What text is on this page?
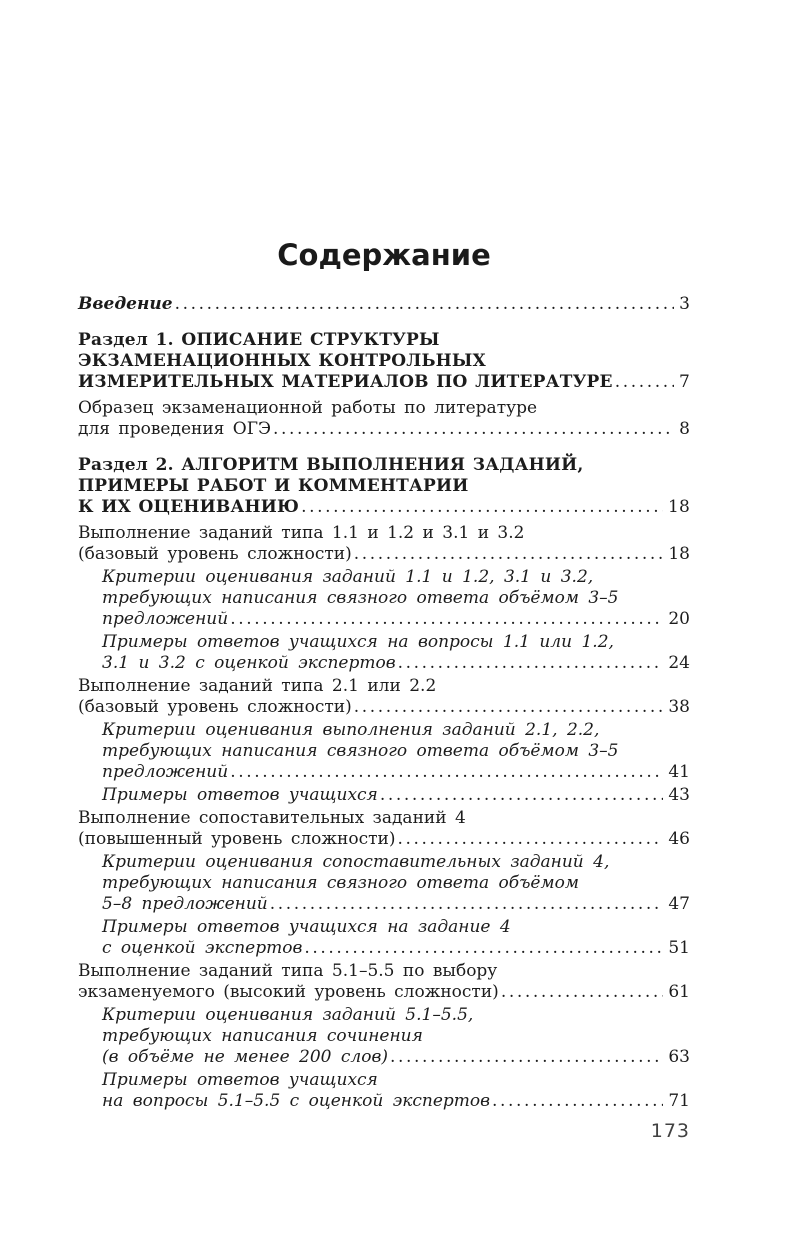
Содержание
Введение .....	3
Раздел 1. ОПИСАНИЕ СТРУКТУРЫ
ЭКЗАМЕНАЦИОННЫХ КОНТРОЛЬНЫХ
ИЗМЕРИТЕЛЬНЫХ МАТЕРИАЛОВ ПО ЛИТЕРАТУРЕ .....	7
Образец экзаменационной работы по литературе
для проведения ОГЭ .....	8
Раздел 2. АЛГОРИТМ ВЫПОЛНЕНИЯ ЗАДАНИЙ,
ПРИМЕРЫ РАБОТ И КОММЕНТАРИИ
К ИХ ОЦЕНИВАНИЮ .....	18
Выполнение заданий типа 1.1 и 1.2 и 3.1 и 3.2
(базовый уровень сложности) .....	18
Критерии оценивания заданий 1.1 и 1.2, 3.1 и 3.2,
требующих написания связного ответа объёмом 3–5
предложений .....	20
Примеры ответов учащихся на вопросы 1.1 или 1.2,
3.1 и 3.2 с оценкой экспертов .....	24
Выполнение заданий типа 2.1 или 2.2
(базовый уровень сложности) .....	38
Критерии оценивания выполнения заданий 2.1, 2.2,
требующих написания связного ответа объёмом 3–5
предложений .....	41
Примеры ответов учащихся .....	43
Выполнение сопоставительных заданий 4
(повышенный уровень сложности) .....	46
Критерии оценивания сопоставительных заданий 4,
требующих написания связного ответа объёмом
5–8 предложений .....	47
Примеры ответов учащихся на задание 4
с оценкой экспертов .....	51
Выполнение заданий типа 5.1–5.5 по выбору
экзаменуемого (высокий уровень сложности) .....	61
Критерии оценивания заданий 5.1–5.5,
требующих написания сочинения
(в объёме не менее 200 слов) .....	63
Примеры ответов учащихся
на вопросы 5.1–5.5 с оценкой экспертов .....	71
173
